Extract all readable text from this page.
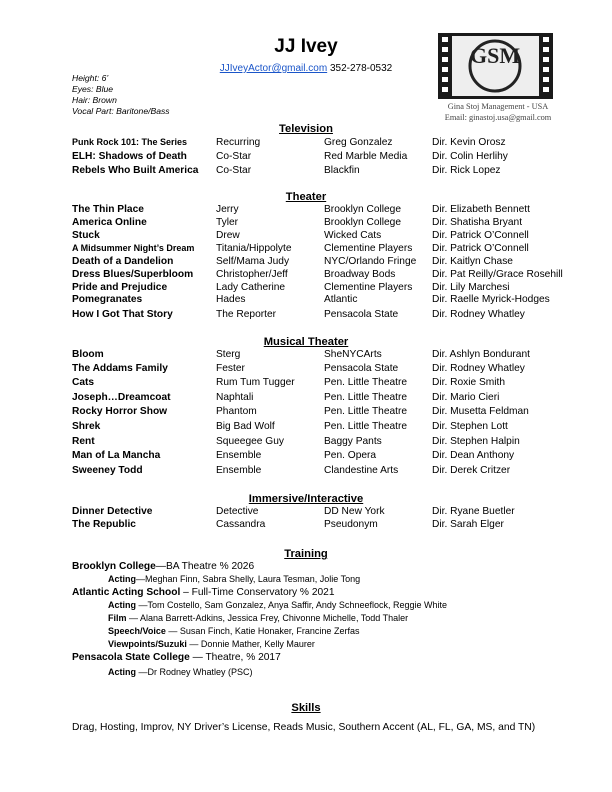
JJ Ivey
JJIveyActor@gmail.com 352-278-0532
Height: 6’
Eyes: Blue
Hair: Brown
Vocal Part: Baritone/Bass
GSM
Gina Stoj Management - USA
Email: ginastoj.usa@gmail.com
Television
Punk Rock 101: The Series	Recurring	Greg Gonzalez	Dir. Kevin Orosz
ELH: Shadows of Death	Co-Star	Red Marble Media Dir. Colin Herlihy
Rebels Who Built America Co-Star	Blackfin	Dir. Rick Lopez
Theater
The Thin Place	Jerry	Brooklyn College	Dir. Elizabeth Bennett
America Online	Tyler	Brooklyn College	Dir. Shatisha Bryant
Stuck	Drew	Wicked Cats	Dir. Patrick O’Connell
A Midsummer Night’s Dream Titania/Hippolyte	Clementine Players Dir. Patrick O’Connell
Death of a Dandelion	Self/Mama Judy	NYC/Orlando Fringe Dir. Kaitlyn Chase
Dress Blues/Superbloom Christopher/Jeff	Broadway Bods	Dir. Pat Reilly/Grace Rosehill
Pride and Prejudice	Lady Catherine	Clementine Players Dir. Lily Marchesi
Pomegranates	Hades	Atlantic	Dir. Raelle Myrick-Hodges
How I Got That Story	The Reporter	Pensacola State	Dir. Rodney Whatley
Musical Theater
Bloom	Sterg	SheNYCArts	Dir. Ashlyn Bondurant
The Addams Family	Fester	Pensacola State	Dir. Rodney Whatley
Cats	Rum Tum Tugger	Pen. Little Theatre Dir. Roxie Smith
Joseph…Dreamcoat	Naphtali	Pen. Little Theatre Dir. Mario Cieri
Rocky Horror Show	Phantom	Pen. Little Theatre Dir. Musetta Feldman
Shrek	Big Bad Wolf	Pen. Little Theatre Dir. Stephen Lott
Rent	Squeegee Guy	Baggy Pants	Dir. Stephen Halpin
Man of La Mancha	Ensemble	Pen. Opera	Dir. Dean Anthony
Sweeney Todd	Ensemble	Clandestine Arts	Dir. Derek Critzer
Immersive/Interactive
Dinner Detective	Detective	DD New York	Dir. Ryane Buetler
The Republic	Cassandra	Pseudonym	Dir. Sarah Elger
Training
Brooklyn College—BA Theatre % 2026
Acting—Meghan Finn, Sabra Shelly, Laura Tesman, Jolie Tong
Atlantic Acting School – Full-Time Conservatory % 2021
Acting —Tom Costello, Sam Gonzalez, Anya Saffir, Andy Schneeflock, Reggie White
Film — Alana Barrett-Adkins, Jessica Frey, Chivonne Michelle, Todd Thaler
Speech/Voice — Susan Finch, Katie Honaker, Francine Zerfas
Viewpoints/Suzuki — Donnie Mather, Kelly Maurer
Pensacola State College — Theatre, % 2017
Acting —Dr Rodney Whatley (PSC)
Skills
Drag, Hosting, Improv, NY Driver’s License, Reads Music, Southern Accent (AL, FL, GA, MS, and TN)
